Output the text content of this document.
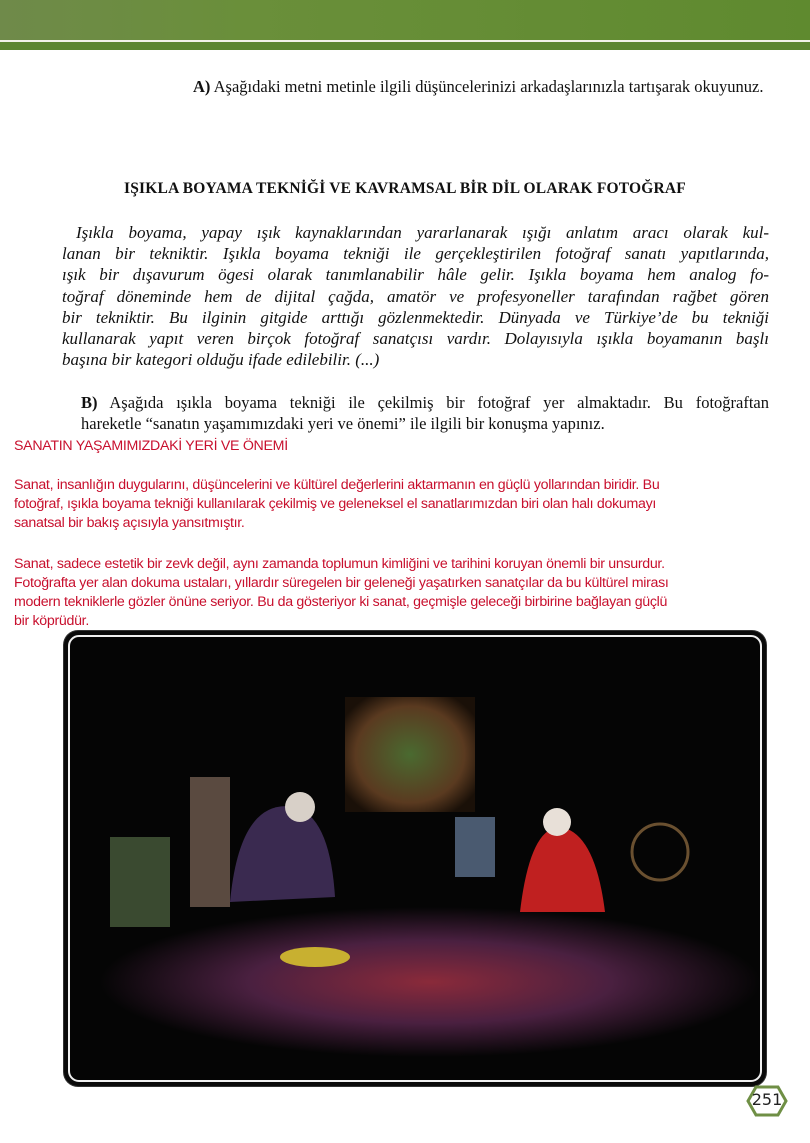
A) Aşağıdaki metni metinle ilgili düşüncelerinizi arkadaşlarınızla tartışarak okuyunuz.
IŞIKLA BOYAMA TEKNİĞİ VE KAVRAMSAL BİR DİL OLARAK FOTOĞRAF
Işıkla boyama, yapay ışık kaynaklarından yararlanarak ışığı anlatım aracı olarak kul-
lanan bir tekniktir. Işıkla boyama tekniği ile gerçekleştirilen fotoğraf sanatı yapıtlarında,
ışık bir dışavurum ögesi olarak tanımlanabilir hâle gelir. Işıkla boyama hem analog fo-
toğraf döneminde hem de dijital çağda, amatör ve profesyoneller tarafından rağbet gören
bir tekniktir. Bu ilginin gitgide arttığı gözlenmektedir. Dünyada ve Türkiye’de bu tekniği
kullanarak yapıt veren birçok fotoğraf sanatçısı vardır. Dolayısıyla ışıkla boyamanın başlı
başına bir kategori olduğu ifade edilebilir. (...)
B) Aşağıda ışıkla boyama tekniği ile çekilmiş bir fotoğraf yer almaktadır. Bu fotoğraftan
hareketle “sanatın yaşamımızdaki yeri ve önemi” ile ilgili bir konuşma yapınız.
SANATIN YAŞAMIMIZDAKİ YERİ VE ÖNEMİ
Sanat, insanlığın duygularını, düşüncelerini ve kültürel değerlerini aktarmanın en güçlü yollarından biridir. Bu
fotoğraf, ışıkla boyama tekniği kullanılarak çekilmiş ve geleneksel el sanatlarımızdan biri olan halı dokumayı
sanatsal bir bakış açısıyla yansıtmıştır.
Sanat, sadece estetik bir zevk değil, aynı zamanda toplumun kimliğini ve tarihini koruyan önemli bir unsurdur.
Fotoğrafta yer alan dokuma ustaları, yıllardır süregelen bir geleneği yaşatırken sanatçılar da bu kültürel mirası
modern tekniklerle gözler önüne seriyor. Bu da gösteriyor ki sanat, geçmişle geleceği birbirine bağlayan güçlü
bir köprüdür.
251
